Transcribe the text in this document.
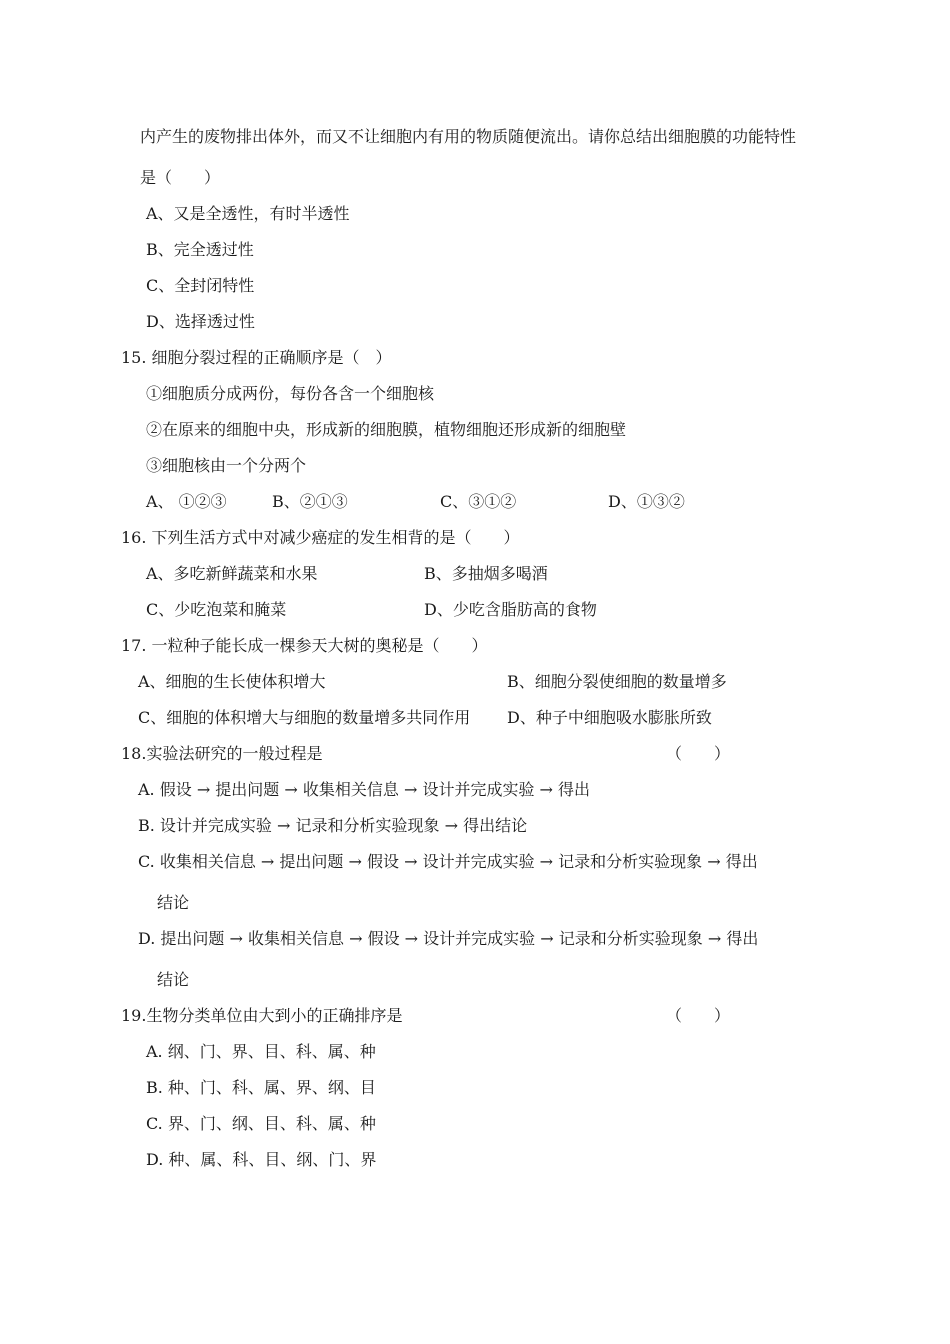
内产生的废物排出体外，而又不让细胞内有用的物质随便流出。请你总结出细胞膜的功能特性
是（　　）
A、又是全透性，有时半透性
B、完全透过性
C、全封闭特性
D、选择透过性
15. 细胞分裂过程的正确顺序是（　）
①细胞质分成两份，每份各含一个细胞核
②在原来的细胞中央，形成新的细胞膜，植物细胞还形成新的细胞壁
③细胞核由一个分两个
A、 ①②③	B、②①③	C、③①②	D、①③②
16. 下列生活方式中对减少癌症的发生相背的是（　　）
A、多吃新鲜蔬菜和水果	B、多抽烟多喝酒
C、少吃泡菜和腌菜	D、少吃含脂肪高的食物
17. 一粒种子能长成一棵参天大树的奥秘是（　　）
A、细胞的生长使体积增大	B、细胞分裂使细胞的数量增多
C、细胞的体积增大与细胞的数量增多共同作用 D、种子中细胞吸水膨胀所致
18.实验法研究的一般过程是	（　　）
A. 假设 → 提出问题 → 收集相关信息 → 设计并完成实验 → 得出
B. 设计并完成实验 → 记录和分析实验现象 → 得出结论
C. 收集相关信息 → 提出问题 → 假设 → 设计并完成实验 → 记录和分析实验现象 → 得出
结论
D. 提出问题 → 收集相关信息 → 假设 → 设计并完成实验 → 记录和分析实验现象 → 得出
结论
19.生物分类单位由大到小的正确排序是	（　　）
A. 纲、门、界、目、科、属、种
B. 种、门、科、属、界、纲、目
C. 界、门、纲、目、科、属、种
D. 种、属、科、目、纲、门、界
